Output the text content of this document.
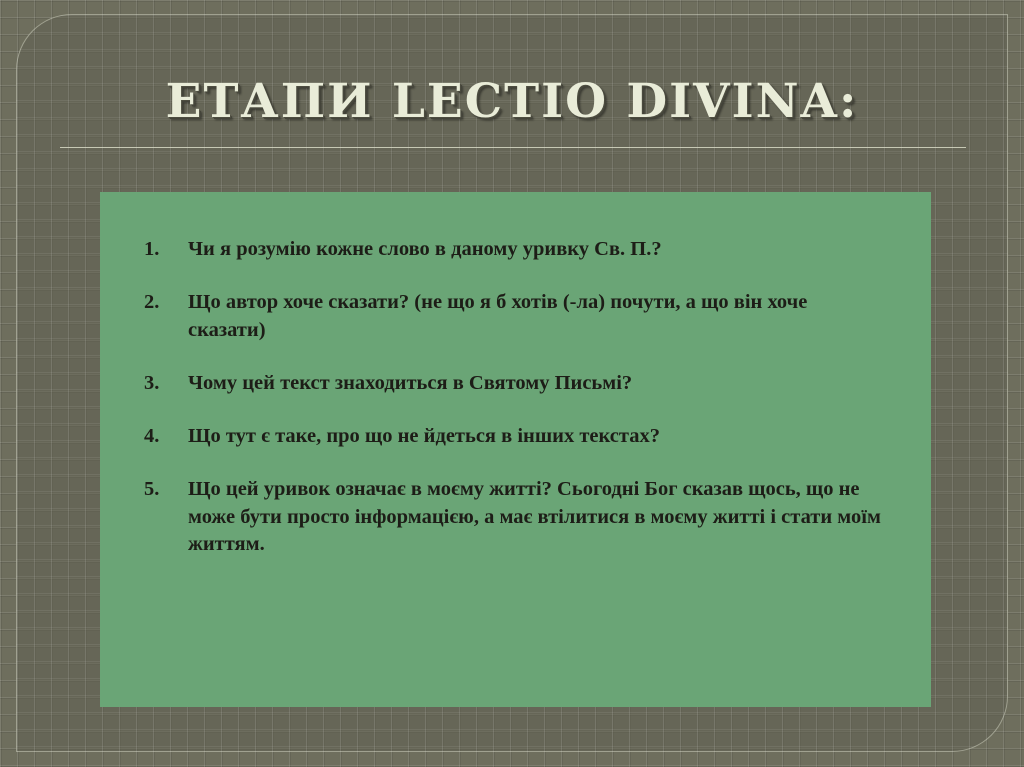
ЕТАПИ LECTIO DIVINA:
1.	Чи я розумію кожне слово в даному уривку Св. П.?
2.	Що автор хоче сказати? (не що я б хотів (-ла) почути, а що він хоче сказати)
3.	Чому цей текст знаходиться в Святому Письмі?
4.	Що тут є таке, про що не йдеться в інших текстах?
5.	Що цей уривок означає в моєму житті? Сьогодні Бог сказав щось, що не може бути просто інформацією, а має втілитися в моєму житті і стати моїм життям.
